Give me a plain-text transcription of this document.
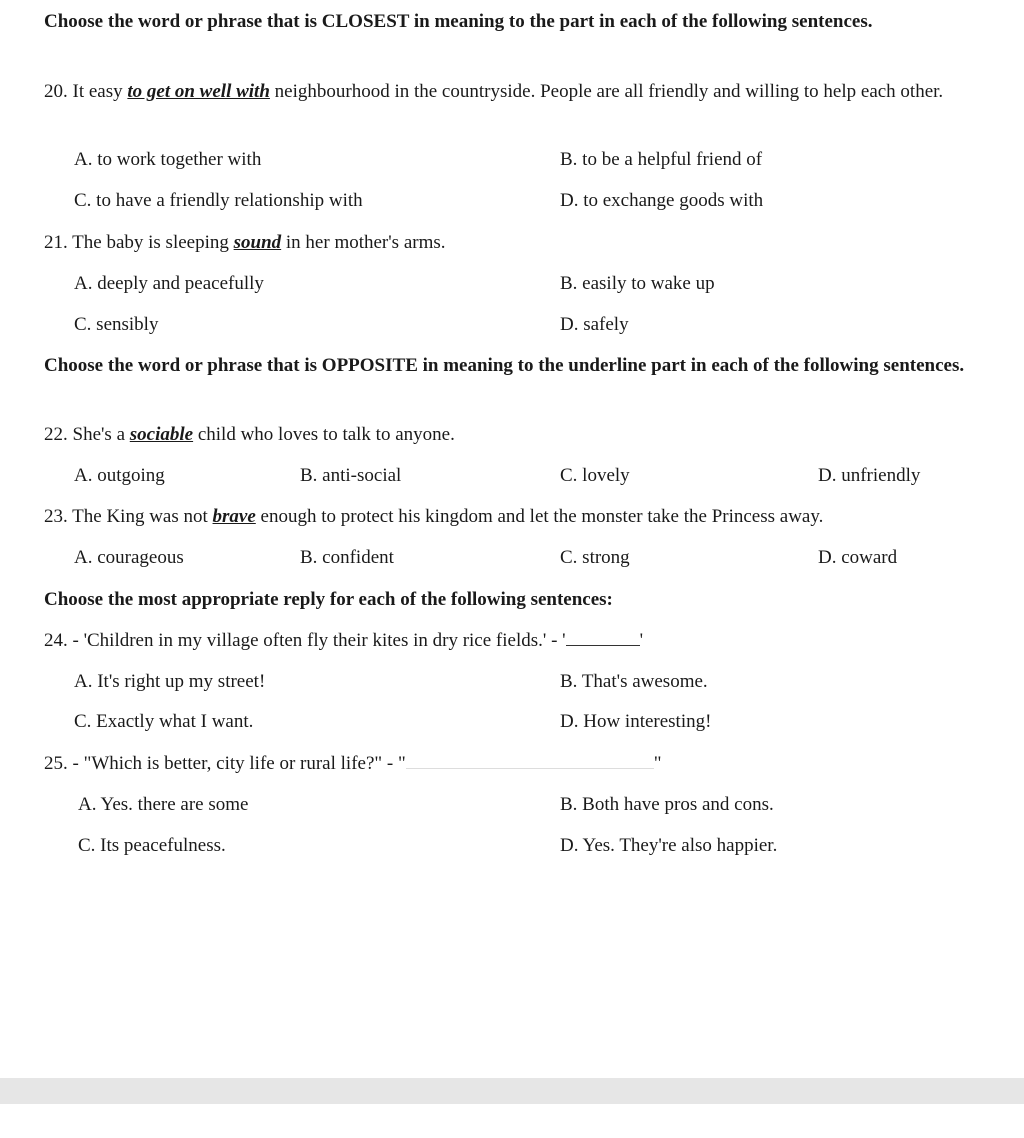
Choose the word or phrase that is CLOSEST in meaning to the part in each of the following sentences.
20. It easy to get on well with neighbourhood in the countryside. People are all friendly and willing to help each other.
A. to work together with	B. to be a helpful friend of
C. to have a friendly relationship with	D. to exchange goods with
21. The baby is sleeping sound in her mother's arms.
A. deeply and peacefully	B. easily to wake up
C. sensibly	D. safely
Choose the word or phrase that is OPPOSITE in meaning to the underline part in each of the following sentences.
22. She's a sociable child who loves to talk to anyone.
A. outgoing	B. anti-social	C. lovely	D. unfriendly
23. The King was not brave enough to protect his kingdom and let the monster take the Princess away.
A. courageous	B. confident	C. strong	D. coward
Choose the most appropriate reply for each of the following sentences:
24. - 'Children in my village often fly their kites in dry rice fields.' - '	'
A. It's right up my street!	B. That's awesome.
C. Exactly what I want.	D. How interesting!
25. - "Which is better, city life or rural life?" - "	"
A. Yes. there are some	B. Both have pros and cons.
C. Its peacefulness.	D. Yes. They're also happier.
